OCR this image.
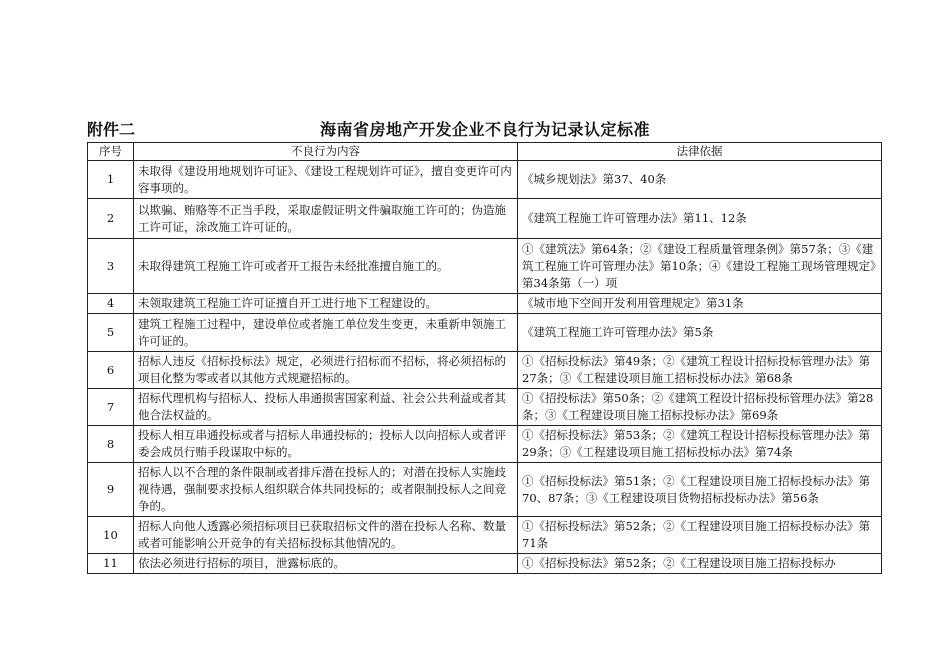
附件二	海南省房地产开发企业不良行为记录认定标准
序号	不良行为内容	法律依据
1	未取得《建设用地规划许可证》、《建设工程规划许可证》，擅自变更许可内容事项的。	《城乡规划法》第37、40条
2	以欺骗、贿赂等不正当手段，采取虚假证明文件骗取施工许可的；伪造施工许可证，涂改施工许可证的。	《建筑工程施工许可管理办法》第11、12条
3	未取得建筑工程施工许可或者开工报告未经批准擅自施工的。	①《建筑法》第64条；②《建设工程质量管理条例》第57条；③《建筑工程施工许可管理办法》第10条；④《建设工程施工现场管理规定》第34条第（一）项
4	未领取建筑工程施工许可证擅自开工进行地下工程建设的。	《城市地下空间开发利用管理规定》第31条
5	建筑工程施工过程中，建设单位或者施工单位发生变更，未重新申领施工许可证的。	《建筑工程施工许可管理办法》第5条
6	招标人违反《招标投标法》规定，必须进行招标而不招标，将必须招标的项目化整为零或者以其他方式规避招标的。	①《招标投标法》第49条；②《建筑工程设计招标投标管理办法》第27条；③《工程建设项目施工招标投标办法》第68条
7	招标代理机构与招标人、投标人串通损害国家利益、社会公共利益或者其他合法权益的。	①《招投标法》第50条；②《建筑工程设计招标投标管理办法》第28条；③《工程建设项目施工招标投标办法》第69条
8	投标人相互串通投标或者与招标人串通投标的；投标人以向招标人或者评委会成员行贿手段谋取中标的。	①《招标投标法》第53条；②《建筑工程设计招标投标管理办法》第29条；③《工程建设项目施工招标投标办法》第74条
9	招标人以不合理的条件限制或者排斥潜在投标人的；对潜在投标人实施歧视待遇，强制要求投标人组织联合体共同投标的；或者限制投标人之间竞争的。	①《招标投标法》第51条；②《工程建设项目施工招标投标办法》第70、87条；③《工程建设项目货物招标投标办法》第56条
10	招标人向他人透露必须招标项目已获取招标文件的潜在投标人名称、数量或者可能影响公开竞争的有关招标投标其他情况的。	①《招标投标法》第52条；②《工程建设项目施工招标投标办法》第71条
11	依法必须进行招标的项目，泄露标底的。	①《招标投标法》第52条；②《工程建设项目施工招标投标办
